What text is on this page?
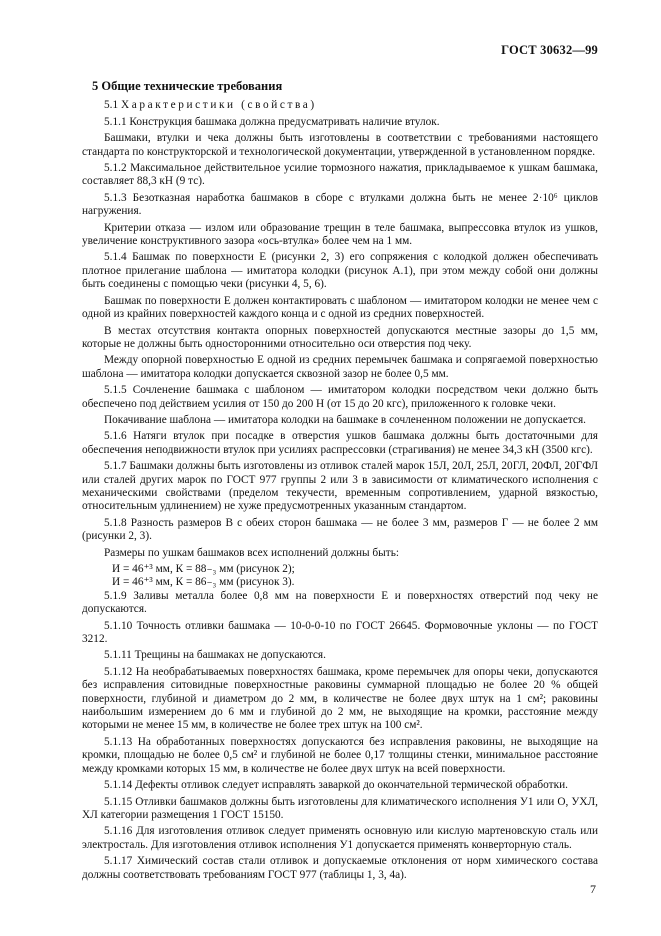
ГОСТ 30632—99
5 Общие технические требования
5.1 Характеристики (свойства)

5.1.1 Конструкция башмака должна предусматривать наличие втулок.

Башмаки, втулки и чека должны быть изготовлены в соответствии с требованиями настоящего стандарта по конструкторской и технологической документации, утвержденной в установленном порядке.

5.1.2 Максимальное действительное усилие тормозного нажатия, прикладываемое к ушкам башмака, составляет 88,3 кН (9 тс).

5.1.3 Безотказная наработка башмаков в сборе с втулками должна быть не менее 2·10⁶ циклов нагружения.

Критерии отказа — излом или образование трещин в теле башмака, выпрессовка втулок из ушков, увеличение конструктивного зазора «ось-втулка» более чем на 1 мм.

5.1.4 Башмак по поверхности Е (рисунки 2, 3) его сопряжения с колодкой должен обеспечивать плотное прилегание шаблона — имитатора колодки (рисунок А.1), при этом между собой они должны быть соединены с помощью чеки (рисунки 4, 5, 6).

Башмак по поверхности Е должен контактировать с шаблоном — имитатором колодки не менее чем с одной из крайних поверхностей каждого конца и с одной из средних поверхностей.

В местах отсутствия контакта опорных поверхностей допускаются местные зазоры до 1,5 мм, которые не должны быть односторонними относительно оси отверстия под чеку.

Между опорной поверхностью Е одной из средних перемычек башмака и сопрягаемой поверхностью шаблона — имитатора колодки допускается сквозной зазор не более 0,5 мм.

5.1.5 Сочленение башмака с шаблоном — имитатором колодки посредством чеки должно быть обеспечено под действием усилия от 150 до 200 Н (от 15 до 20 кгс), приложенного к головке чеки.

Покачивание шаблона — имитатора колодки на башмаке в сочлененном положении не допускается.

5.1.6 Натяги втулок при посадке в отверстия ушков башмака должны быть достаточными для обеспечения неподвижности втулок при усилиях распрессовки (страгивания) не менее 34,3 кН (3500 кгс).

5.1.7 Башмаки должны быть изготовлены из отливок сталей марок 15Л, 20Л, 25Л, 20ГЛ, 20ФЛ, 20ГФЛ или сталей других марок по ГОСТ 977 группы 2 или 3 в зависимости от климатического исполнения с механическими свойствами (пределом текучести, временным сопротивлением, ударной вязкостью, относительным удлинением) не хуже предусмотренных указанным стандартом.

5.1.8 Разность размеров В с обеих сторон башмака — не более 3 мм, размеров Г — не более 2 мм (рисунки 2, 3).

Размеры по ушкам башмаков всех исполнений должны быть:

И = 46⁺³ мм, К = 88₋₃ мм (рисунок 2);

И = 46⁺³ мм, К = 86₋₃ мм (рисунок 3).

5.1.9 Заливы металла более 0,8 мм на поверхности Е и поверхностях отверстий под чеку не допускаются.

5.1.10 Точность отливки башмака — 10-0-0-10 по ГОСТ 26645. Формовочные уклоны — по ГОСТ 3212.

5.1.11 Трещины на башмаках не допускаются.

5.1.12 На необрабатываемых поверхностях башмака, кроме перемычек для опоры чеки, допускаются без исправления ситовидные поверхностные раковины суммарной площадью не более 20 % общей поверхности, глубиной и диаметром до 2 мм, в количестве не более двух штук на 1 см²; раковины наибольшим измерением до 6 мм и глубиной до 2 мм, не выходящие на кромки, расстояние между которыми не менее 15 мм, в количестве не более трех штук на 100 см².

5.1.13 На обработанных поверхностях допускаются без исправления раковины, не выходящие на кромки, площадью не более 0,5 см² и глубиной не более 0,17 толщины стенки, минимальное расстояние между кромками которых 15 мм, в количестве не более двух штук на всей поверхности.

5.1.14 Дефекты отливок следует исправлять заваркой до окончательной термической обработки.

5.1.15 Отливки башмаков должны быть изготовлены для климатического исполнения У1 или О, УХЛ, ХЛ категории размещения 1 ГОСТ 15150.

5.1.16 Для изготовления отливок следует применять основную или кислую мартеновскую сталь или электросталь. Для изготовления отливок исполнения У1 допускается применять конверторную сталь.

5.1.17 Химический состав стали отливок и допускаемые отклонения от норм химического состава должны соответствовать требованиям ГОСТ 977 (таблицы 1, 3, 4а).

7
